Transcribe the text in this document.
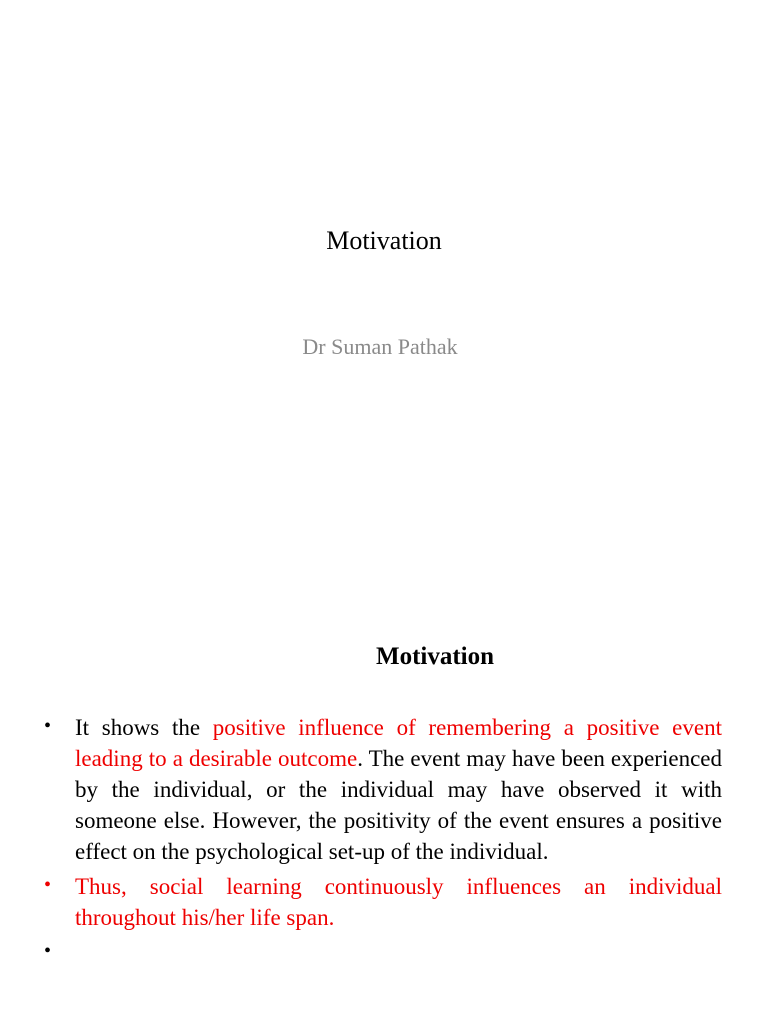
Motivation

Dr Suman Pathak

Motivation
• It shows the positive influence of remembering a positive event leading to a desirable outcome. The event may have been experienced by the individual, or the individual may have observed it with someone else. However, the positivity of the event ensures a positive effect on the psychological set-up of the individual.
• Thus, social learning continuously influences an individual throughout his/her life span.
•
